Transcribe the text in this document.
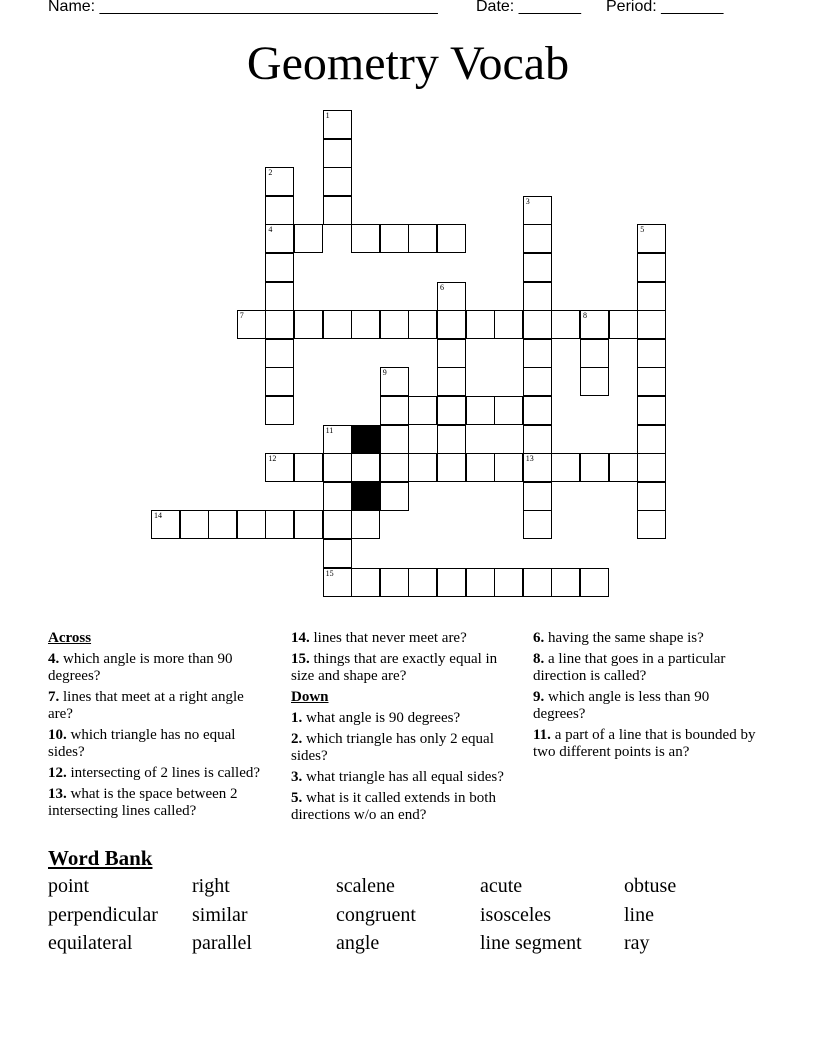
Name: ______________________________________ Date: _______ Period: _______
Geometry Vocab
1
2
4
3
13
5
6
7	8
9
11
12
14
15
Across
4. which angle is more than 90 degrees?
7. lines that meet at a right angle are?
10. which triangle has no equal sides?
12. intersecting of 2 lines is called?
13. what is the space between 2 intersecting lines called?
14. lines that never meet are?
15. things that are exactly equal in size and shape are?
Down
1. what angle is 90 degrees?
2. which triangle has only 2 equal sides?
3. what triangle has all equal sides?
5. what is it called extends in both directions w/o an end?
6. having the same shape is?
8. a line that goes in a particular direction is called?
9. which angle is less than 90 degrees?
11. a part of a line that is bounded by two different points is an?
Word Bank
point	right	scalene	acute	obtuse
perpendicular similar	congruent	isosceles	line
equilateral	parallel	angle	line segment ray
